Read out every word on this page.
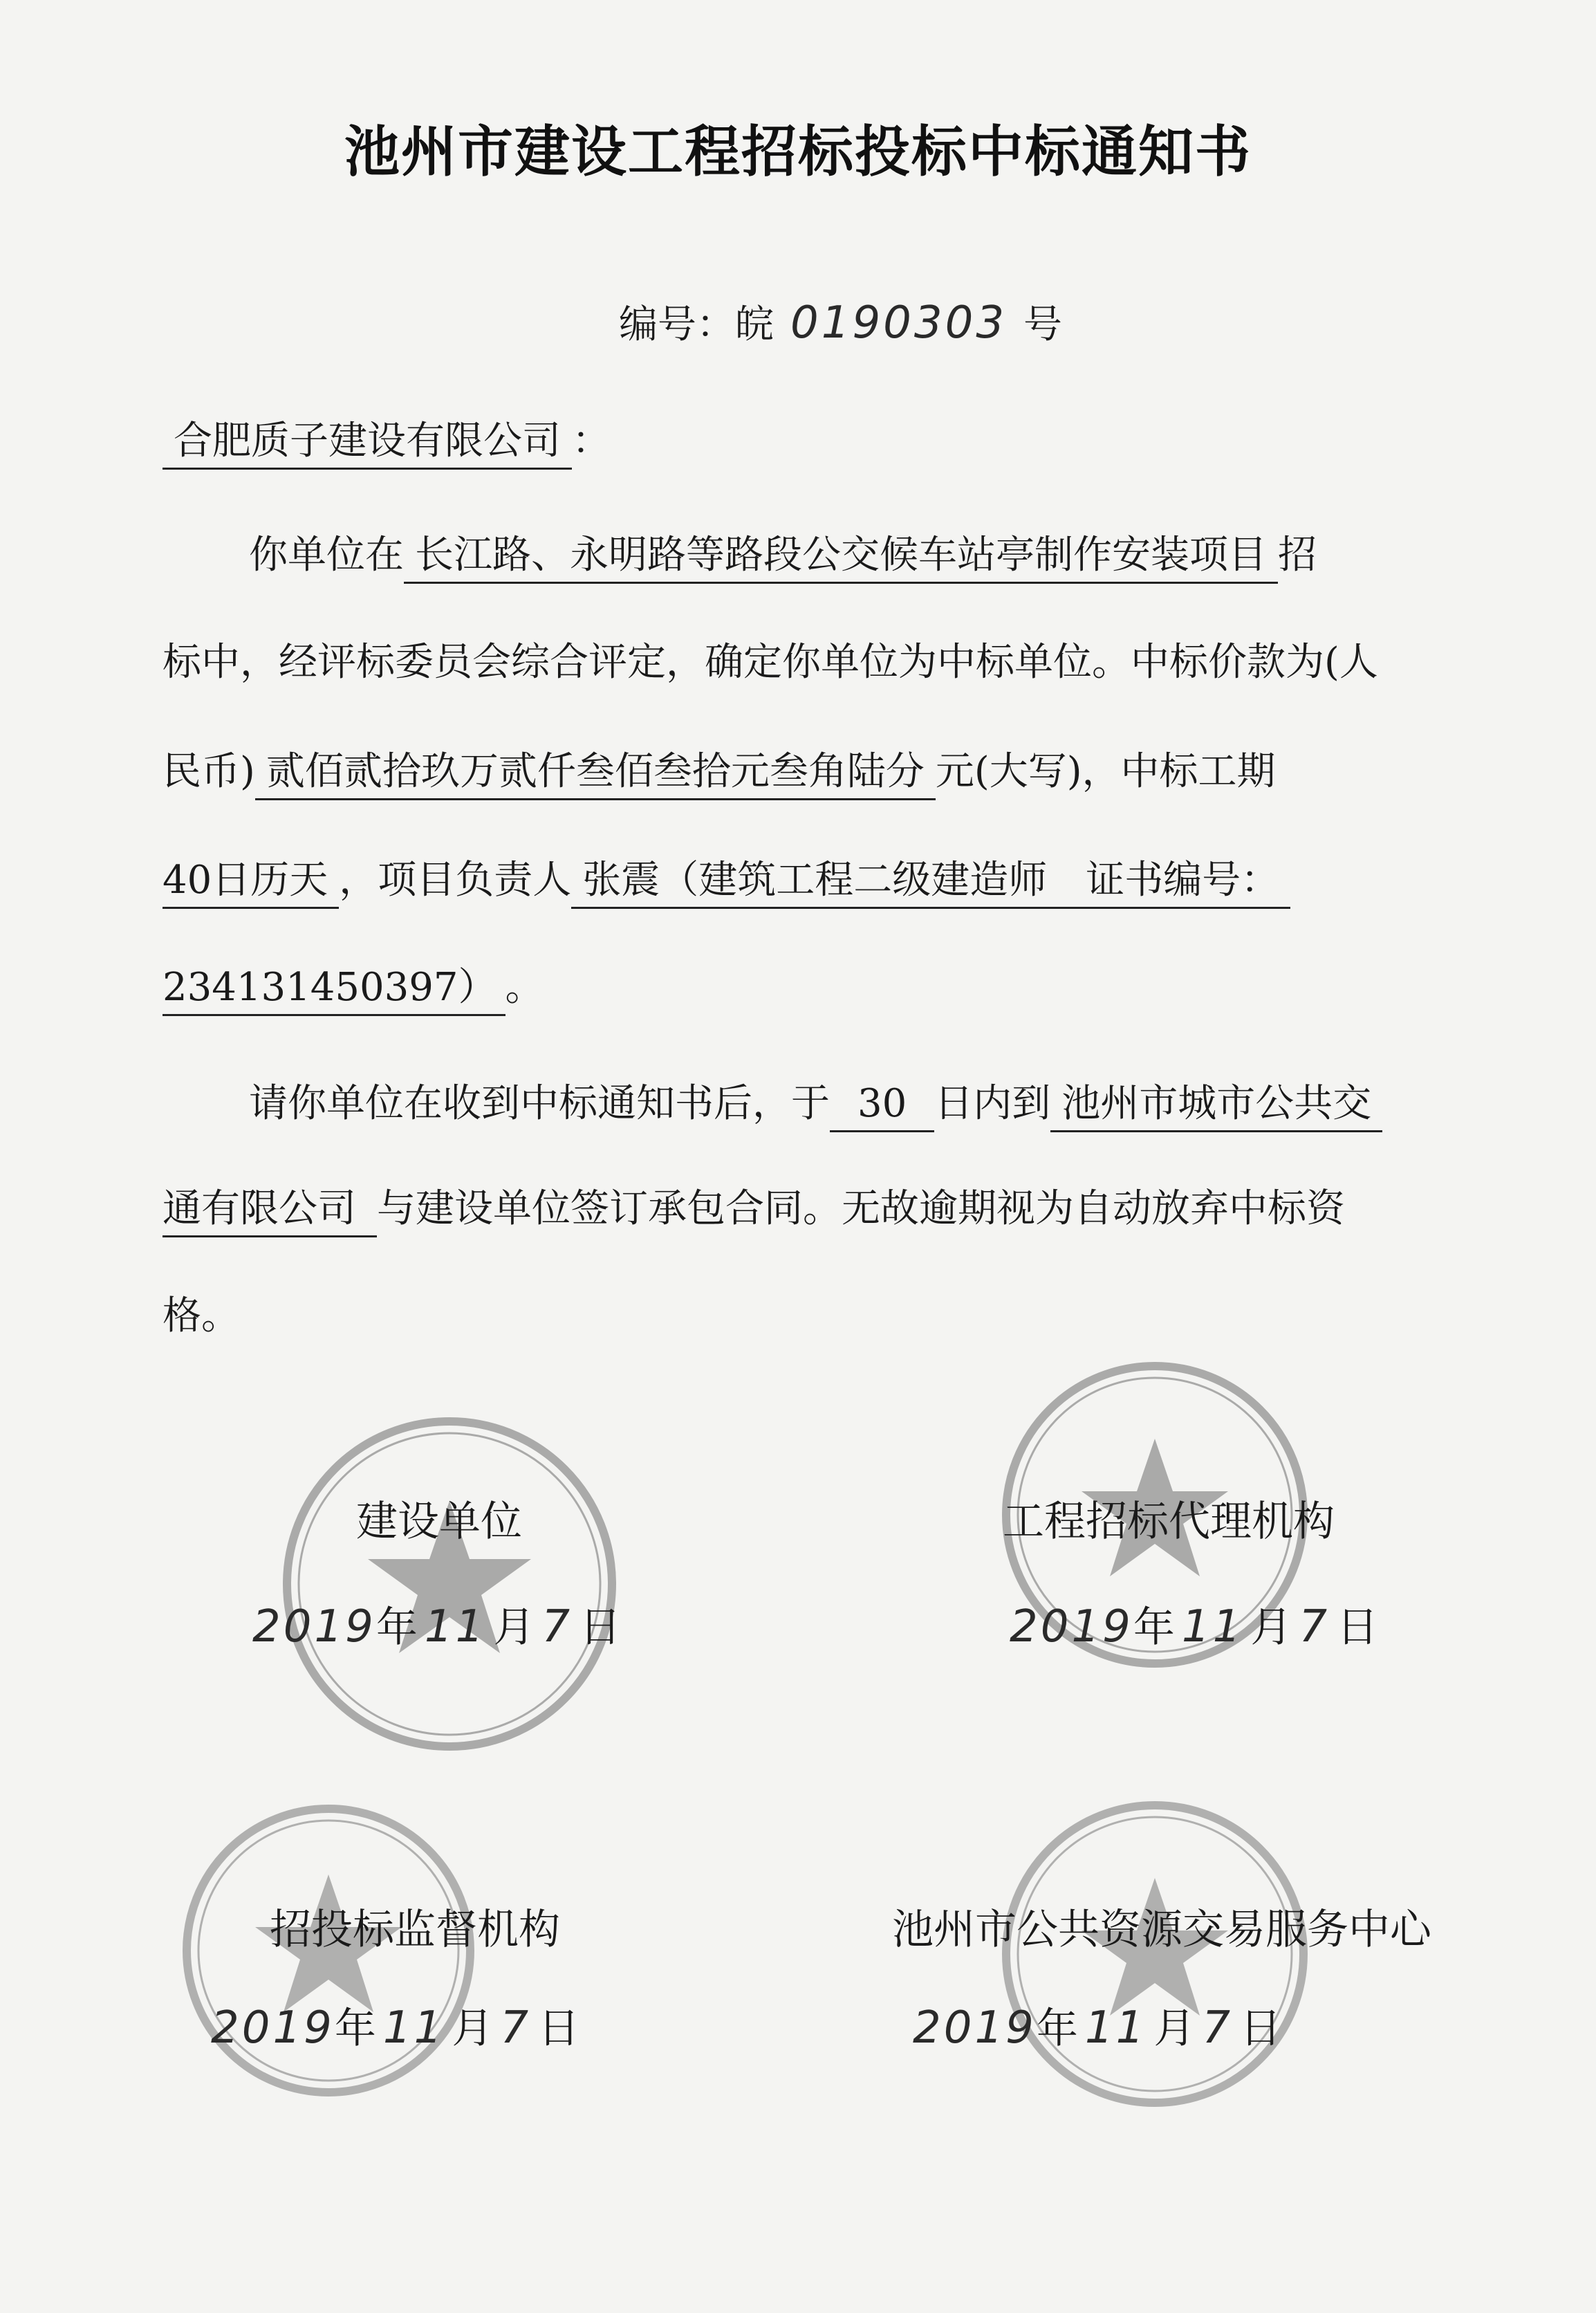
池州市建设工程招标投标中标通知书
编号：皖 0190303 号
合肥质子建设有限公司 ：
你单位在 长江路、永明路等路段公交候车站亭制作安装项目 招
标中，经评标委员会综合评定，确定你单位为中标单位。中标价款为(人
民币) 贰佰贰拾玖万贰仟叁佰叁拾元叁角陆分 元(大写)，中标工期
40日历天 ，项目负责人 张震（建筑工程二级建造师　证书编号：
234131450397） 。
请你单位在收到中标通知书后，于 30 日内到 池州市城市公共交
通有限公司 与建设单位签订承包合同。无故逾期视为自动放弃中标资
格。
建设单位
2019年 11 月 7 日
工程招标代理机构
2019年 11 月 7 日
招投标监督机构
2019年 11 月 7 日
池州市公共资源交易服务中心
2019年 11 月 7 日
